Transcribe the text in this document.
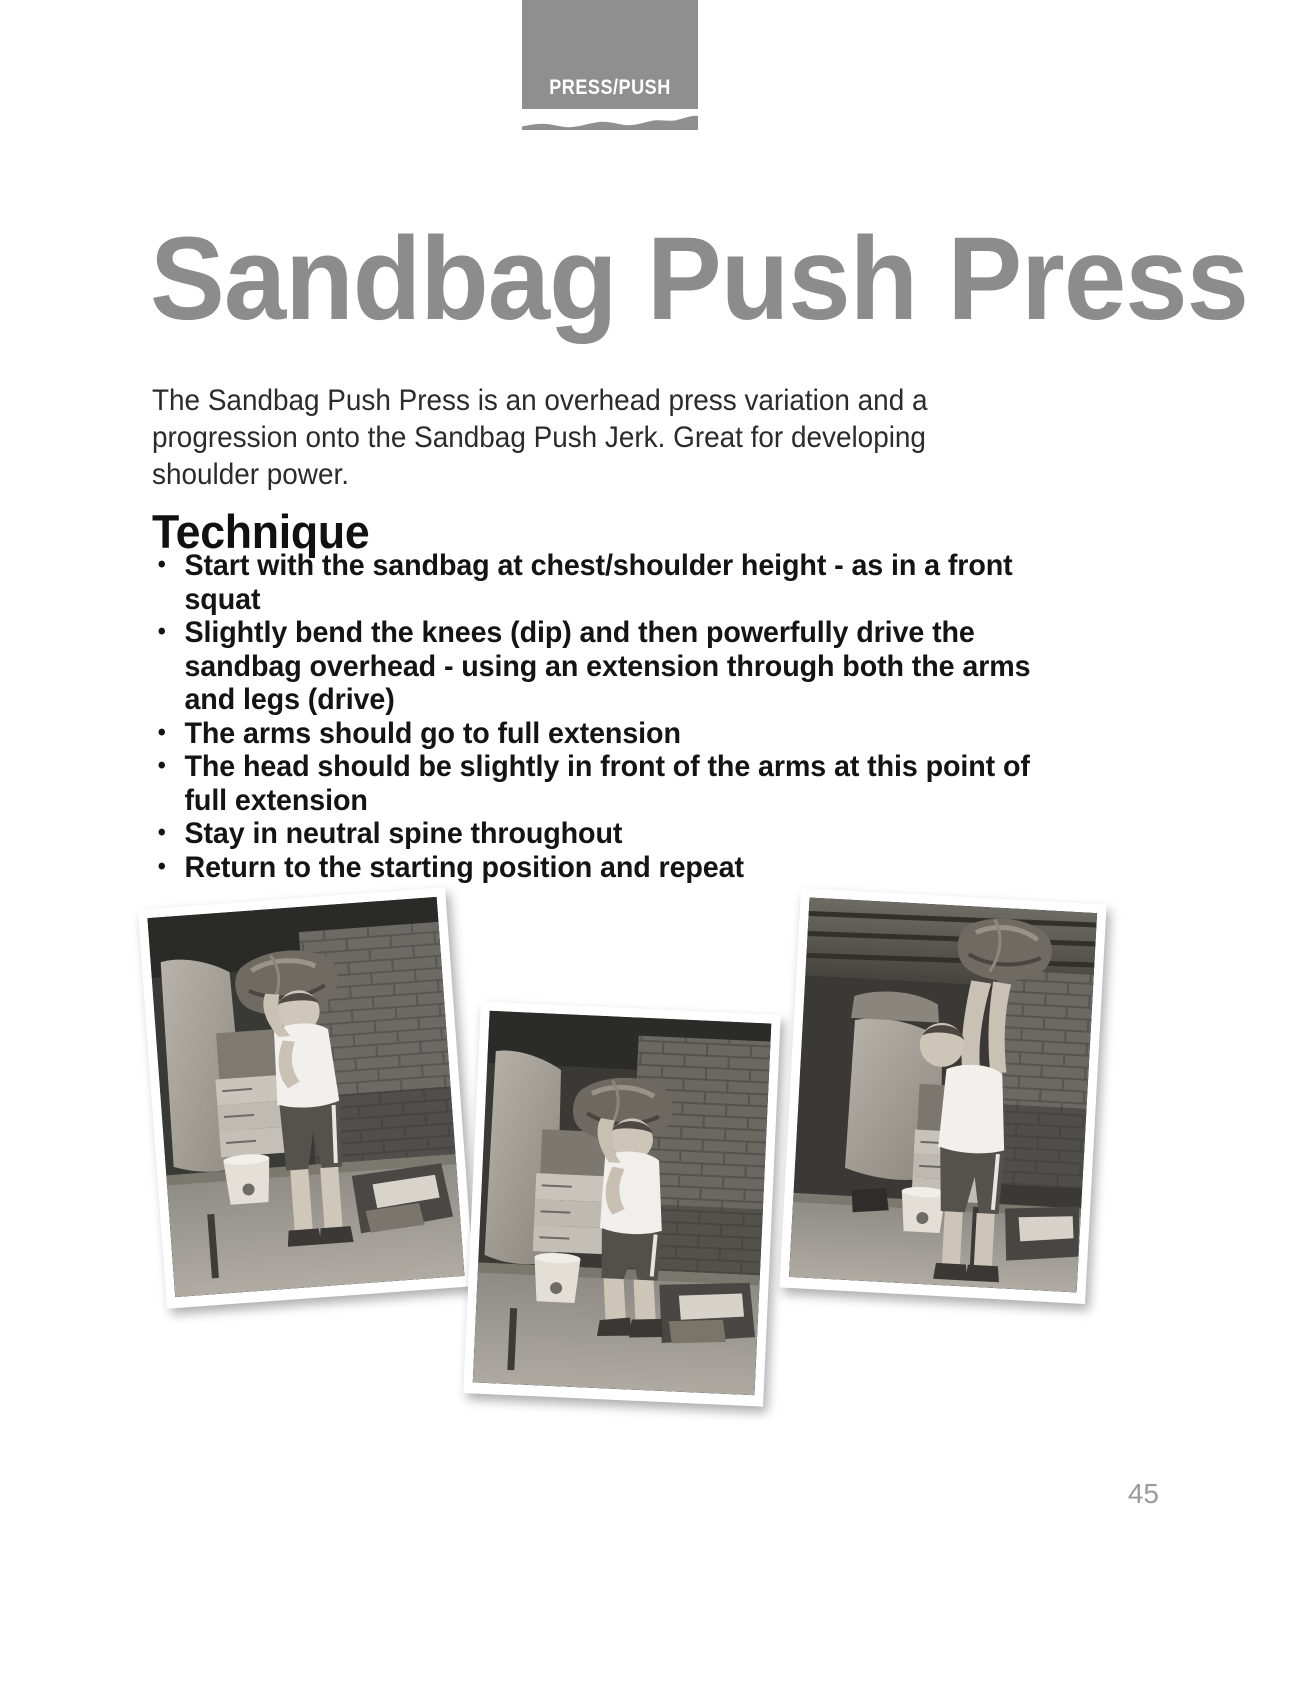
PRESS/PUSH
Sandbag Push Press

The Sandbag Push Press is an overhead press variation and a progression onto the Sandbag Push Jerk. Great for developing shoulder power.

Technique
• Start with the sandbag at chest/shoulder height - as in a front squat
• Slightly bend the knees (dip) and then powerfully drive the sandbag overhead - using an extension through both the arms and legs (drive)
• The arms should go to full extension
• The head should be slightly in front of the arms at this point of full extension
• Stay in neutral spine throughout
• Return to the starting position and repeat
45
